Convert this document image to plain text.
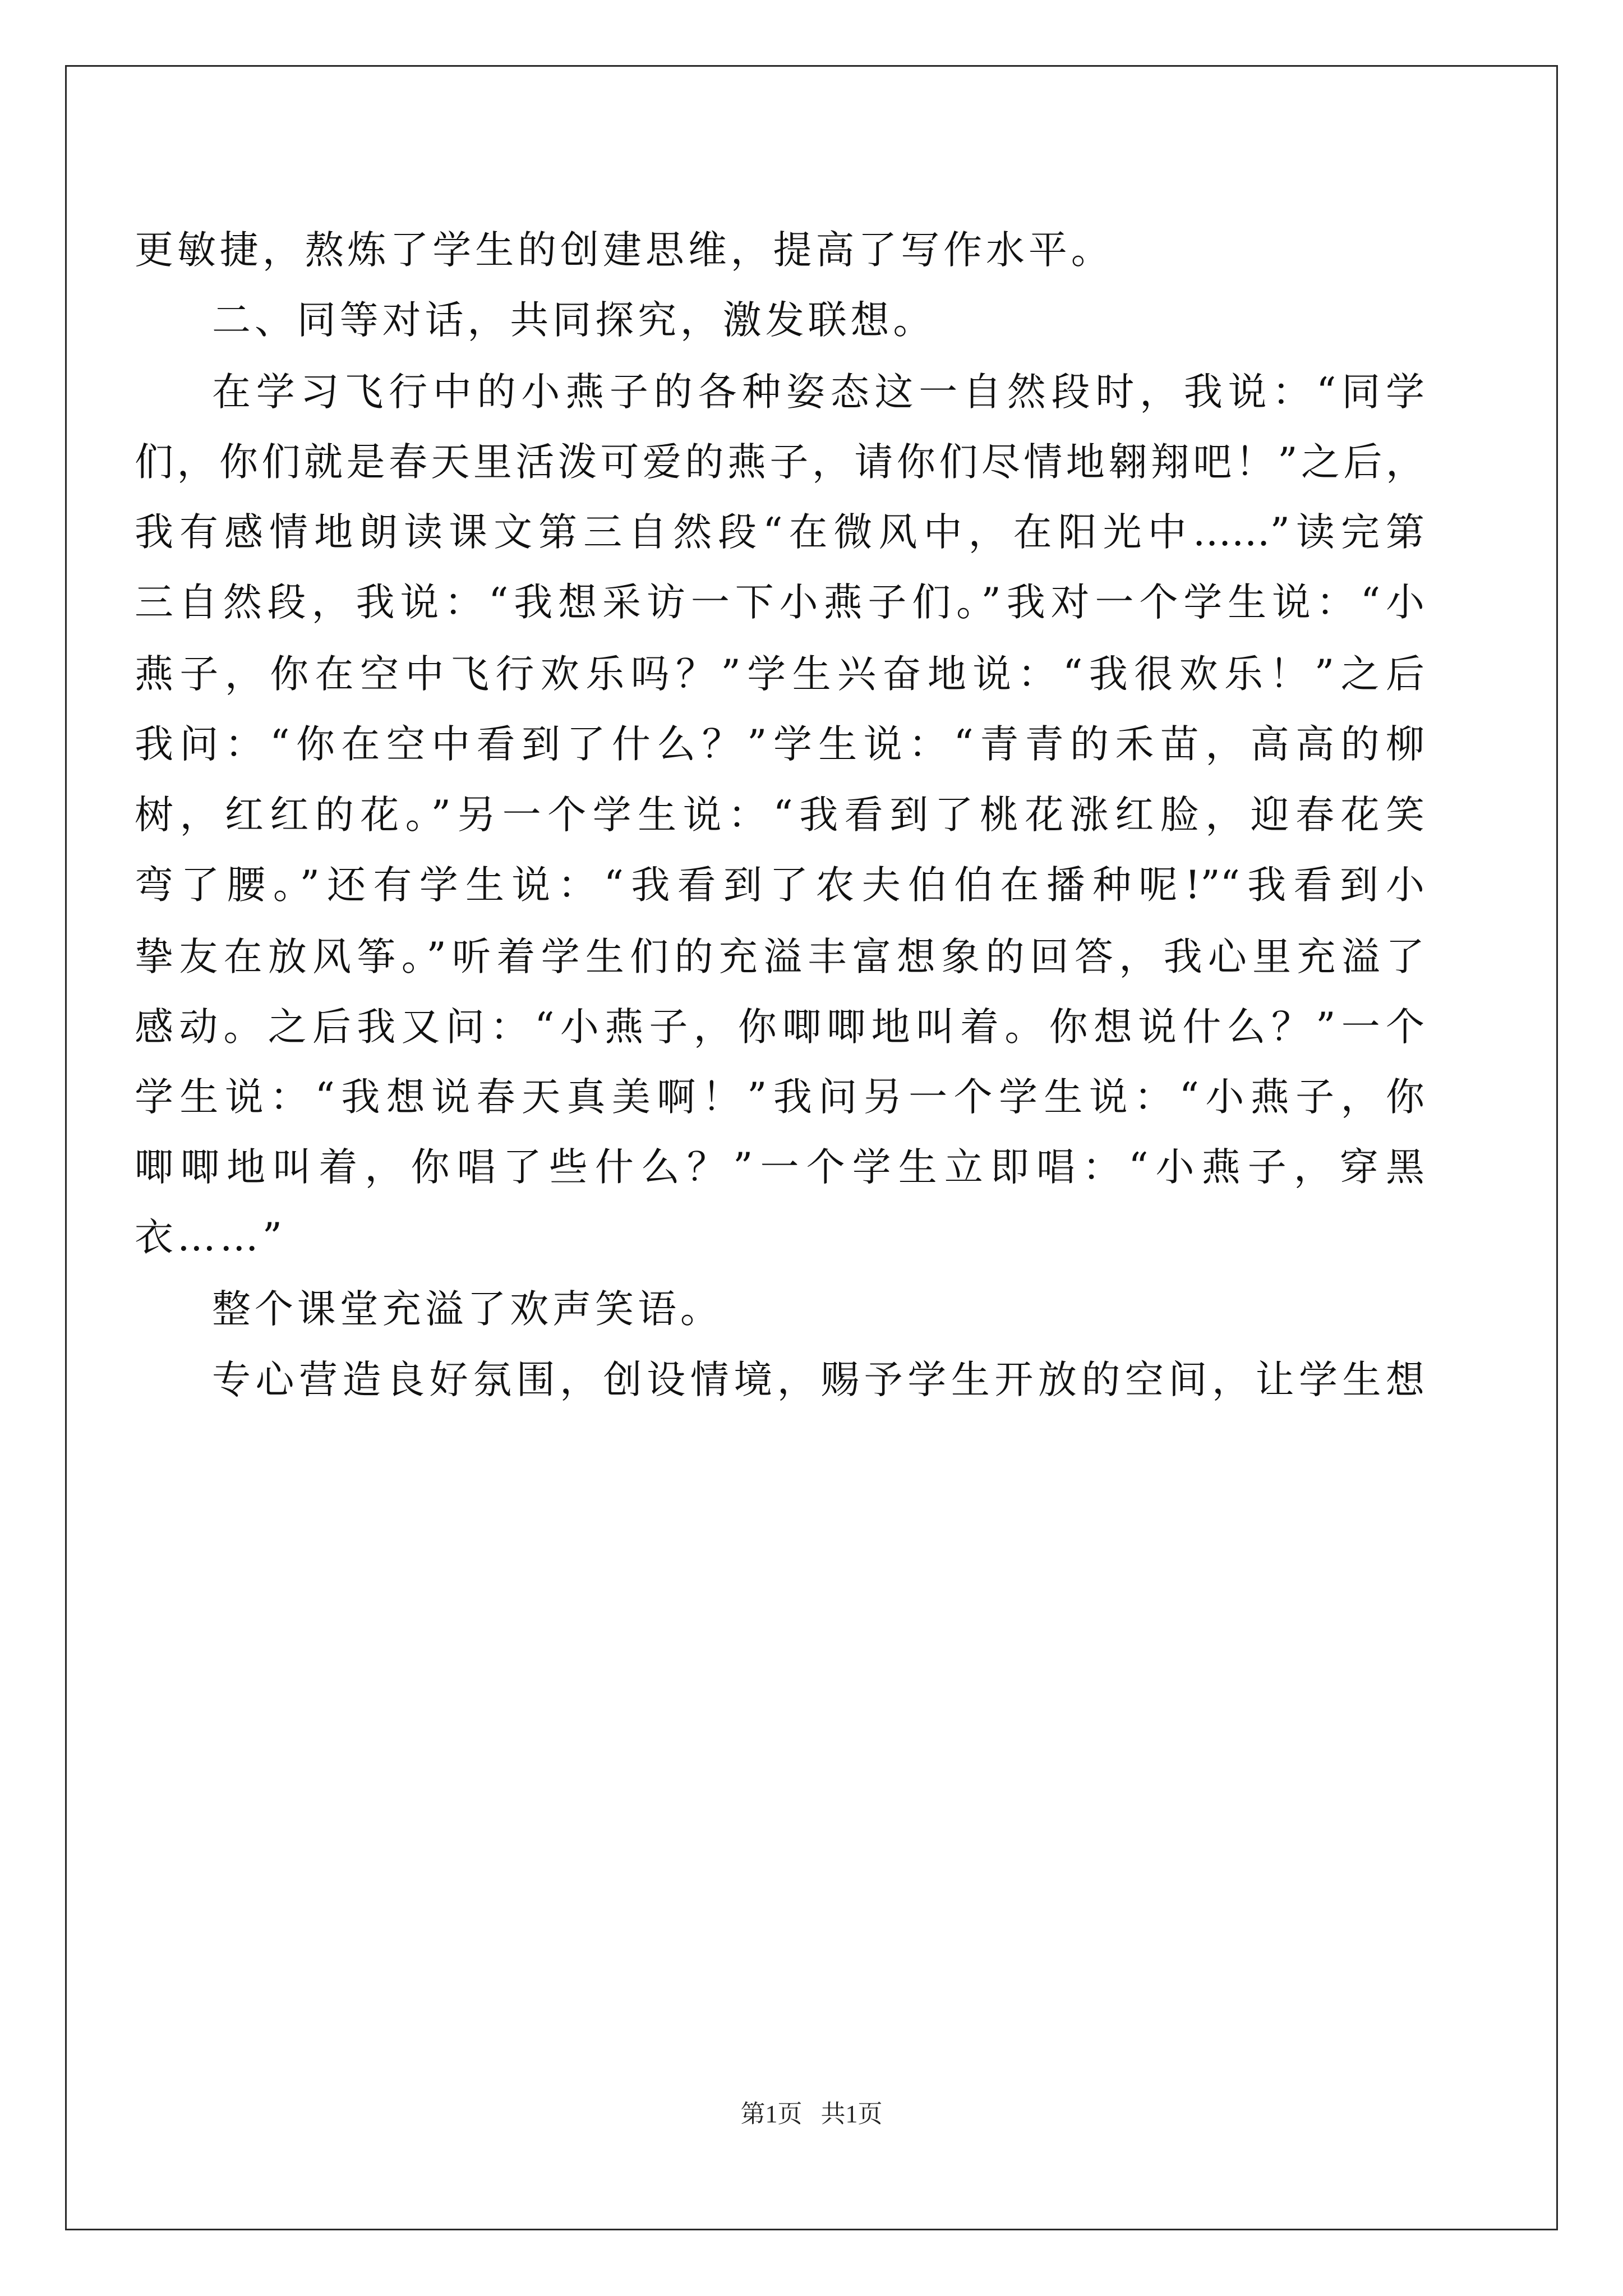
更敏捷，熬炼了学生的创建思维，提高了写作水平。
二、同等对话，共同探究，激发联想。
在学习飞行中的小燕子的各种姿态这一自然段时，我说：“同学
们，你们就是春天里活泼可爱的燕子，请你们尽情地翱翔吧！”之后，
我有感情地朗读课文第三自然段“在微风中，在阳光中……”读完第
三自然段，我说：“我想采访一下小燕子们。”我对一个学生说：“小
燕子，你在空中飞行欢乐吗？”学生兴奋地说：“我很欢乐！”之后
我问：“你在空中看到了什么？”学生说：“青青的禾苗，高高的柳
树，红红的花。”另一个学生说：“我看到了桃花涨红脸，迎春花笑
弯了腰。”还有学生说：“我看到了农夫伯伯在播种呢!”“我看到小
挚友在放风筝。”听着学生们的充溢丰富想象的回答，我心里充溢了
感动。之后我又问：“小燕子，你唧唧地叫着。你想说什么？”一个
学生说：“我想说春天真美啊！”我问另一个学生说：“小燕子，你
唧唧地叫着，你唱了些什么？”一个学生立即唱：“小燕子，穿黑
衣……”
整个课堂充溢了欢声笑语。
专心营造良好氛围，创设情境，赐予学生开放的空间，让学生想
第1页   共1页
